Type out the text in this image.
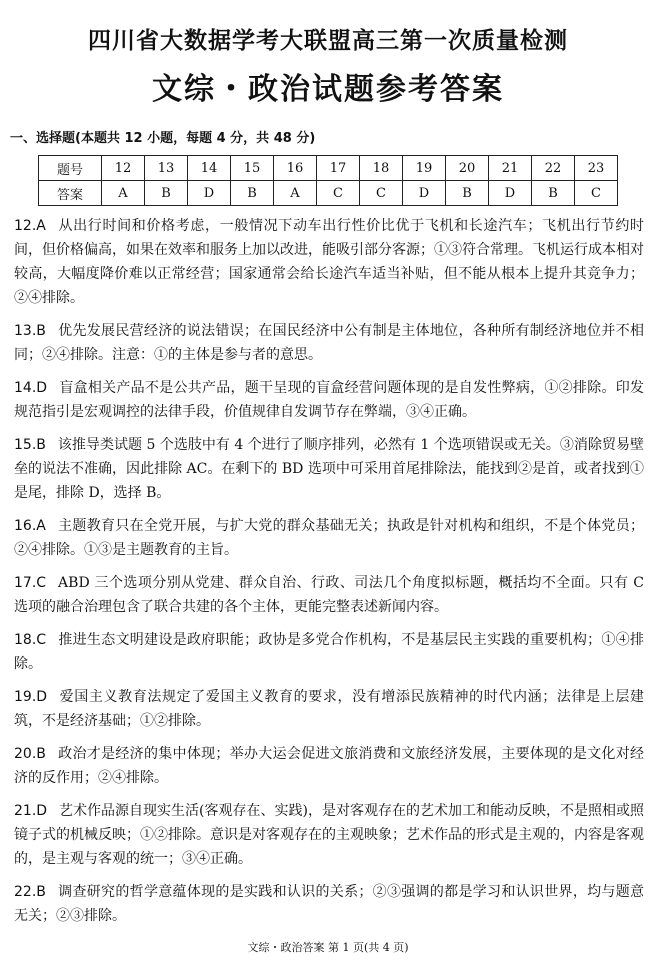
四川省大数据学考大联盟高三第一次质量检测
文综・政治试题参考答案
一、选择题(本题共 12 小题，每题 4 分，共 48 分)
题号	12	13	14	15	16	17	18	19	20	21	22	23
答案	A	B	D	B	A	C	C	D	B	D	B	C
12.A 从出行时间和价格考虑，一般情况下动车出行性价比优于飞机和长途汽车；飞机出行节约时间，但价格偏高，如果在效率和服务上加以改进，能吸引部分客源；①③符合常理。飞机运行成本相对较高，大幅度降价难以正常经营；国家通常会给长途汽车适当补贴，但不能从根本上提升其竞争力；②④排除。
13.B 优先发展民营经济的说法错误；在国民经济中公有制是主体地位，各种所有制经济地位并不相同；②④排除。注意：①的主体是参与者的意思。
14.D 盲盒相关产品不是公共产品，题干呈现的盲盒经营问题体现的是自发性弊病，①②排除。印发规范指引是宏观调控的法律手段，价值规律自发调节存在弊端，③④正确。
15.B 该推导类试题 5 个选肢中有 4 个进行了顺序排列，必然有 1 个选项错误或无关。③消除贸易壁垒的说法不准确，因此排除 AC。在剩下的 BD 选项中可采用首尾排除法，能找到②是首，或者找到①是尾，排除 D，选择 B。
16.A 主题教育只在全党开展，与扩大党的群众基础无关；执政是针对机构和组织，不是个体党员；②④排除。①③是主题教育的主旨。
17.C ABD 三个选项分别从党建、群众自治、行政、司法几个角度拟标题，概括均不全面。只有 C 选项的融合治理包含了联合共建的各个主体，更能完整表述新闻内容。
18.C 推进生态文明建设是政府职能；政协是多党合作机构，不是基层民主实践的重要机构；①④排除。
19.D 爱国主义教育法规定了爱国主义教育的要求，没有增添民族精神的时代内涵；法律是上层建筑，不是经济基础；①②排除。
20.B 政治才是经济的集中体现；举办大运会促进文旅消费和文旅经济发展，主要体现的是文化对经济的反作用；②④排除。
21.D 艺术作品源自现实生活(客观存在、实践)，是对客观存在的艺术加工和能动反映，不是照相或照镜子式的机械反映；①②排除。意识是对客观存在的主观映象；艺术作品的形式是主观的，内容是客观的，是主观与客观的统一；③④正确。
22.B 调查研究的哲学意蕴体现的是实践和认识的关系；②③强调的都是学习和认识世界，均与题意无关；②③排除。
文综・政治答案 第 1 页(共 4 页)
